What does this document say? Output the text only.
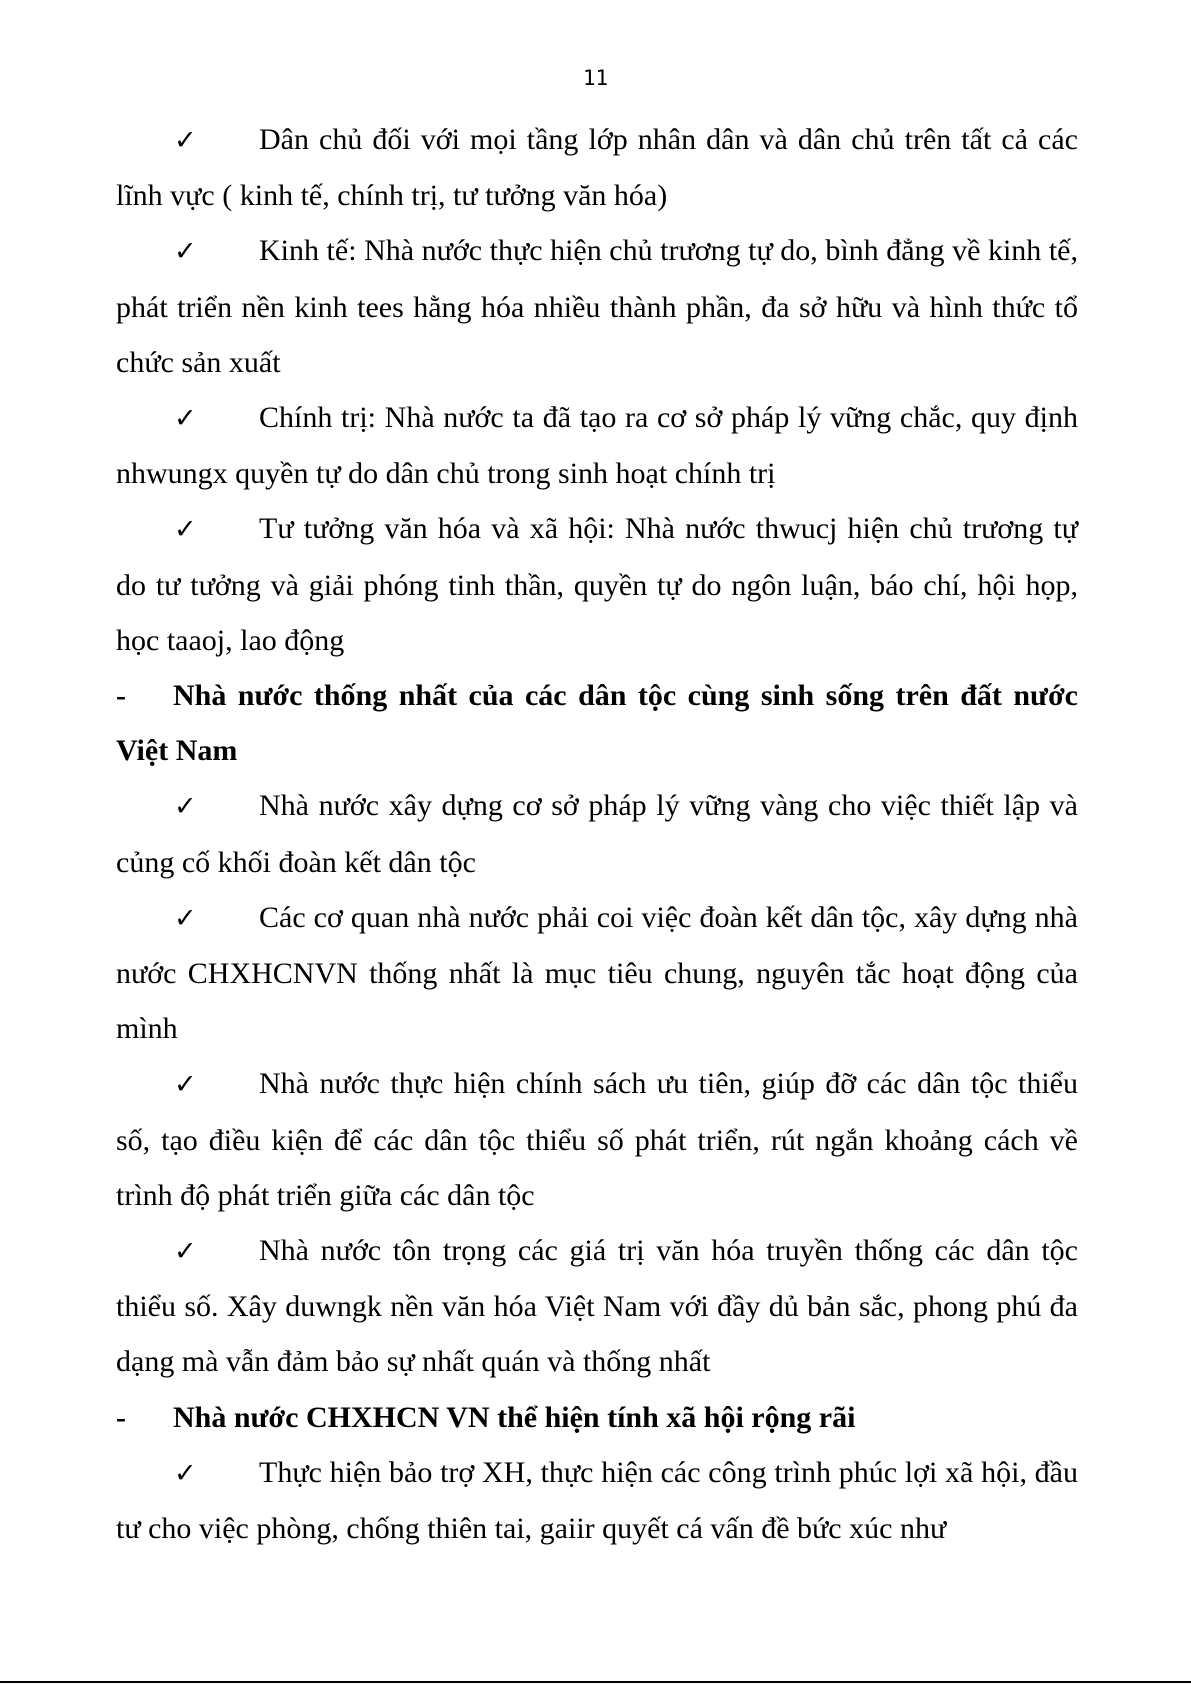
11

✓ Dân chủ đối với mọi tầng lớp nhân dân và dân chủ trên tất cả các lĩnh vực ( kinh tế, chính trị, tư tưởng văn hóa)

✓ Kinh tế: Nhà nước thực hiện chủ trương tự do, bình đẳng về kinh tế, phát triển nền kinh tees hằng hóa nhiều thành phần, đa sở hữu và hình thức tổ chức sản xuất

✓ Chính trị: Nhà nước ta đã tạo ra cơ sở pháp lý vững chắc, quy định nhwungx quyền tự do dân chủ trong sinh hoạt chính trị

✓ Tư tưởng văn hóa và xã hội: Nhà nước thwucj hiện chủ trương tự do tư tưởng và giải phóng tinh thần, quyền tự do ngôn luận, báo chí, hội họp, học taaoj, lao động

- Nhà nước thống nhất của các dân tộc cùng sinh sống trên đất nước Việt Nam

✓ Nhà nước xây dựng cơ sở pháp lý vững vàng cho việc thiết lập và củng cố khối đoàn kết dân tộc

✓ Các cơ quan nhà nước phải coi việc đoàn kết dân tộc, xây dựng nhà nước CHXHCNVN thống nhất là mục tiêu chung, nguyên tắc hoạt động của mình

✓ Nhà nước thực hiện chính sách ưu tiên, giúp đỡ các dân tộc thiểu số, tạo điều kiện để các dân tộc thiểu số phát triển, rút ngắn khoảng cách về trình độ phát triển giữa các dân tộc

✓ Nhà nước tôn trọng các giá trị văn hóa truyền thống các dân tộc thiểu số. Xây duwngk nền văn hóa Việt Nam với đầy dủ bản sắc, phong phú đa dạng mà vẫn đảm bảo sự nhất quán và thống nhất

- Nhà nước CHXHCN VN thể hiện tính xã hội rộng rãi

✓ Thực hiện bảo trợ XH, thực hiện các công trình phúc lợi xã hội, đầu tư cho việc phòng, chống thiên tai, gaiir quyết cá vấn đề bức xúc như
